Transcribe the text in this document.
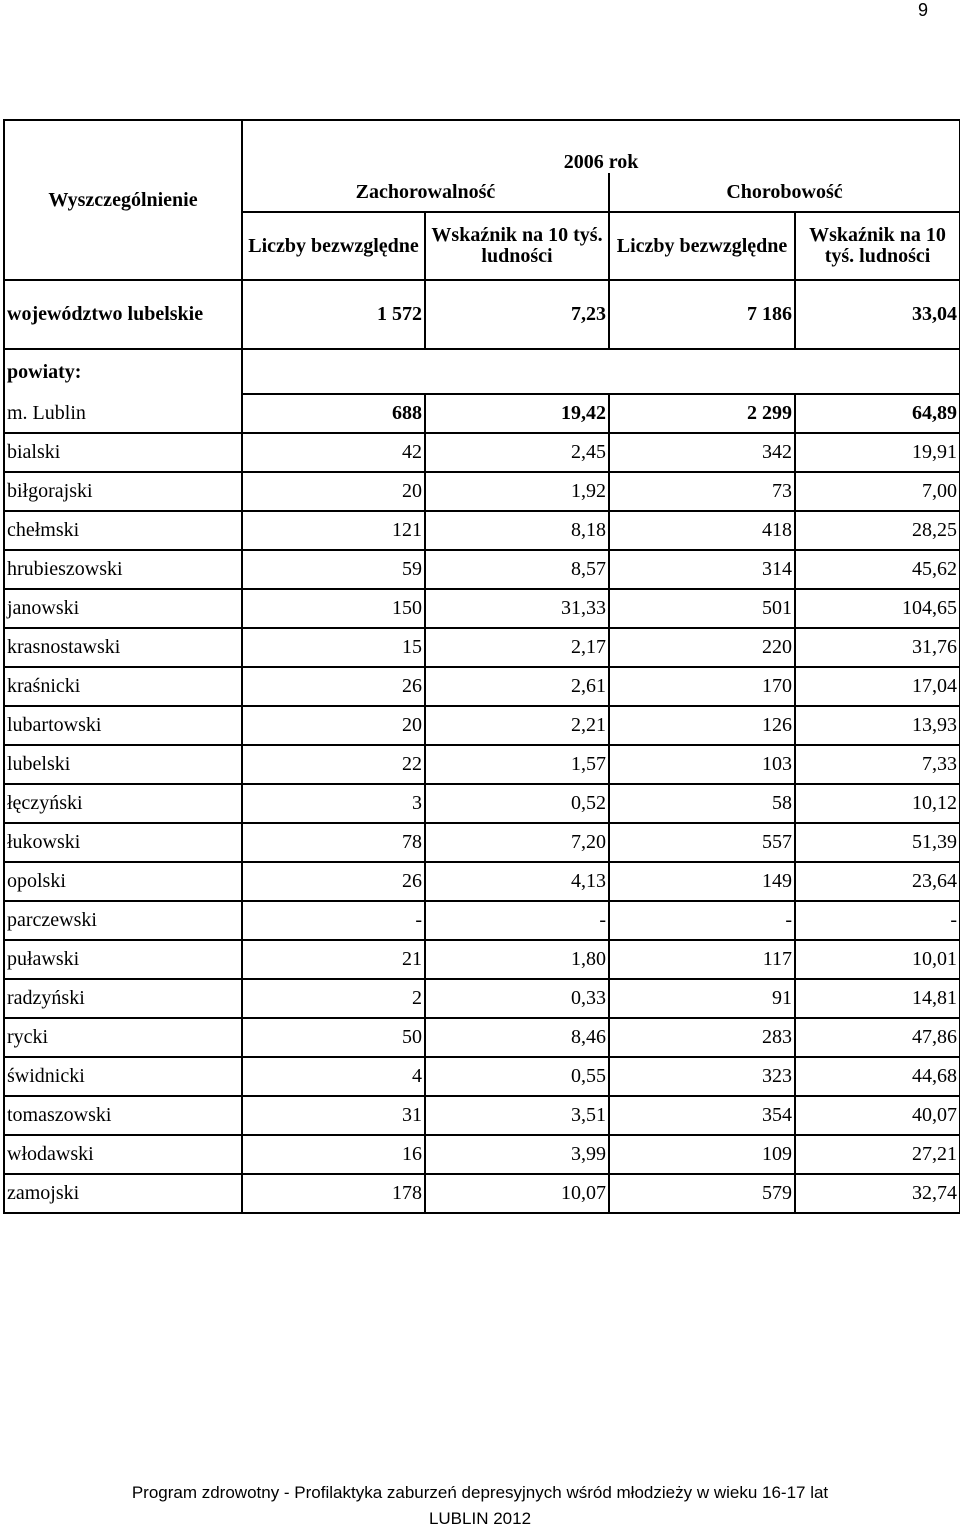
9
Wyszczególnienie	2006 rok			
	Zachorowalność		Chorobowość	
	Liczby bezwzględne	Wskaźnik na 10 tyś. ludności	Liczby bezwzględne	Wskaźnik na 10 tyś. ludności
województwo lubelskie	1 572	7,23	7 186	33,04
powiaty:				
m. Lublin	688	19,42	2 299	64,89
bialski	42	2,45	342	19,91
biłgorajski	20	1,92	73	7,00
chełmski	121	8,18	418	28,25
hrubieszowski	59	8,57	314	45,62
janowski	150	31,33	501	104,65
krasnostawski	15	2,17	220	31,76
kraśnicki	26	2,61	170	17,04
lubartowski	20	2,21	126	13,93
lubelski	22	1,57	103	7,33
łęczyński	3	0,52	58	10,12
łukowski	78	7,20	557	51,39
opolski	26	4,13	149	23,64
parczewski	-	-	-	-
puławski	21	1,80	117	10,01
radzyński	2	0,33	91	14,81
rycki	50	8,46	283	47,86
świdnicki	4	0,55	323	44,68
tomaszowski	31	3,51	354	40,07
włodawski	16	3,99	109	27,21
zamojski	178	10,07	579	32,74
Program zdrowotny - Profilaktyka zaburzeń depresyjnych wśród młodzieży w wieku 16-17 lat
LUBLIN 2012
